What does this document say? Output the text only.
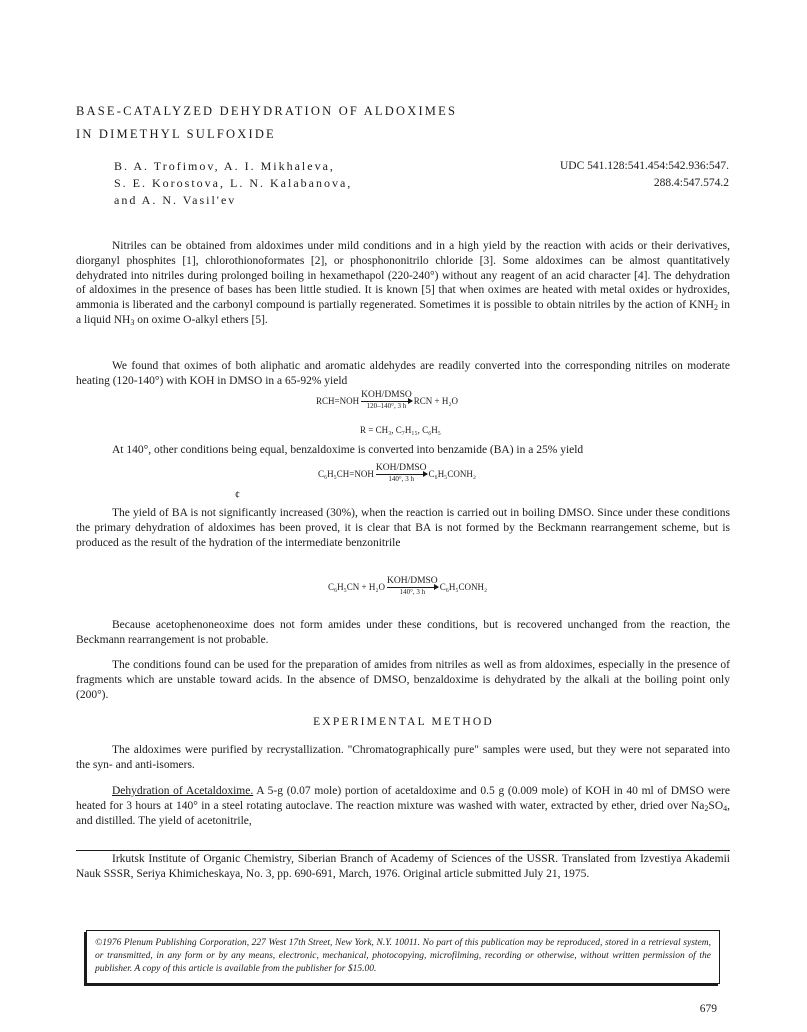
BASE-CATALYZED DEHYDRATION OF ALDOXIMES
IN DIMETHYL SULFOXIDE
B. A. Trofimov, A. I. Mikhaleva,
S. E. Korostova, L. N. Kalabanova,
and A. N. Vasil'ev
UDC 541.128:541.454:542.936:547.
288.4:547.574.2

Nitriles can be obtained from aldoximes under mild conditions and in a high yield by the reaction with acids or their derivatives, diorganyl phosphites [1], chlorothionoformates [2], or phosphononitrilo chloride [3]. Some aldoximes can be almost quantitatively dehydrated into nitriles during prolonged boiling in hexamethapol (220-240°) without any reagent of an acid character [4]. The dehydration of aldoximes in the presence of bases has been little studied. It is known [5] that when oximes are heated with metal oxides or hydroxides, ammonia is liberated and the carbonyl compound is partially regenerated. Sometimes it is possible to obtain nitriles by the action of $KNH_2$ in a liquid $NH_3$ on oxime O-alkyl ethers [5].

We found that oximes of both aliphatic and aromatic aldehydes are readily converted into the corresponding nitriles on moderate heating (120-140°) with KOH in DMSO in a 65-92% yield

RCH=NOH
KOH/DMSO
120–140°, 3 h
RCN + H₂O
R = CH₃, C₇H₁₅, C₆H₅

At 140°, other conditions being equal, benzaldoxime is converted into benzamide (BA) in a 25% yield

C₆H₅CH=NOH
KOH/DMSO
140°, 3 h
C₆H₅CONH₂
¢

The yield of BA is not significantly increased (30%), when the reaction is carried out in boiling DMSO. Since under these conditions the primary dehydration of aldoximes has been proved, it is clear that BA is not formed by the Beckmann rearrangement scheme, but is produced as the result of the hydration of the intermediate benzonitrile

C₆H₅CN + H₂O
KOH/DMSO
140°, 3 h
C₆H₅CONH₂

Because acetophenoneoxime does not form amides under these conditions, but is recovered unchanged from the reaction, the Beckmann rearrangement is not probable.

The conditions found can be used for the preparation of amides from nitriles as well as from aldoximes, especially in the presence of fragments which are unstable toward acids. In the absence of DMSO, benzaldoxime is dehydrated by the alkali at the boiling point only (200°).

EXPERIMENTAL METHOD

The aldoximes were purified by recrystallization. "Chromatographically pure" samples were used, but they were not separated into the syn- and anti-isomers.

Dehydration of Acetaldoxime. A 5-g (0.07 mole) portion of acetaldoxime and 0.5 g (0.009 mole) of KOH in 40 ml of DMSO were heated for 3 hours at 140° in a steel rotating autoclave. The reaction mixture was washed with water, extracted by ether, dried over $Na_2SO_4$, and distilled. The yield of acetonitrile,

Irkutsk Institute of Organic Chemistry, Siberian Branch of Academy of Sciences of the USSR. Translated from Izvestiya Akademii Nauk SSSR, Seriya Khimicheskaya, No. 3, pp. 690-691, March, 1976. Original article submitted July 21, 1975.

©1976 Plenum Publishing Corporation, 227 West 17th Street, New York, N.Y. 10011. No part of this publication may be reproduced, stored in a retrieval system, or transmitted, in any form or by any means, electronic, mechanical, photocopying, microfilming, recording or otherwise, without written permission of the publisher. A copy of this article is available from the publisher for $15.00.

679
